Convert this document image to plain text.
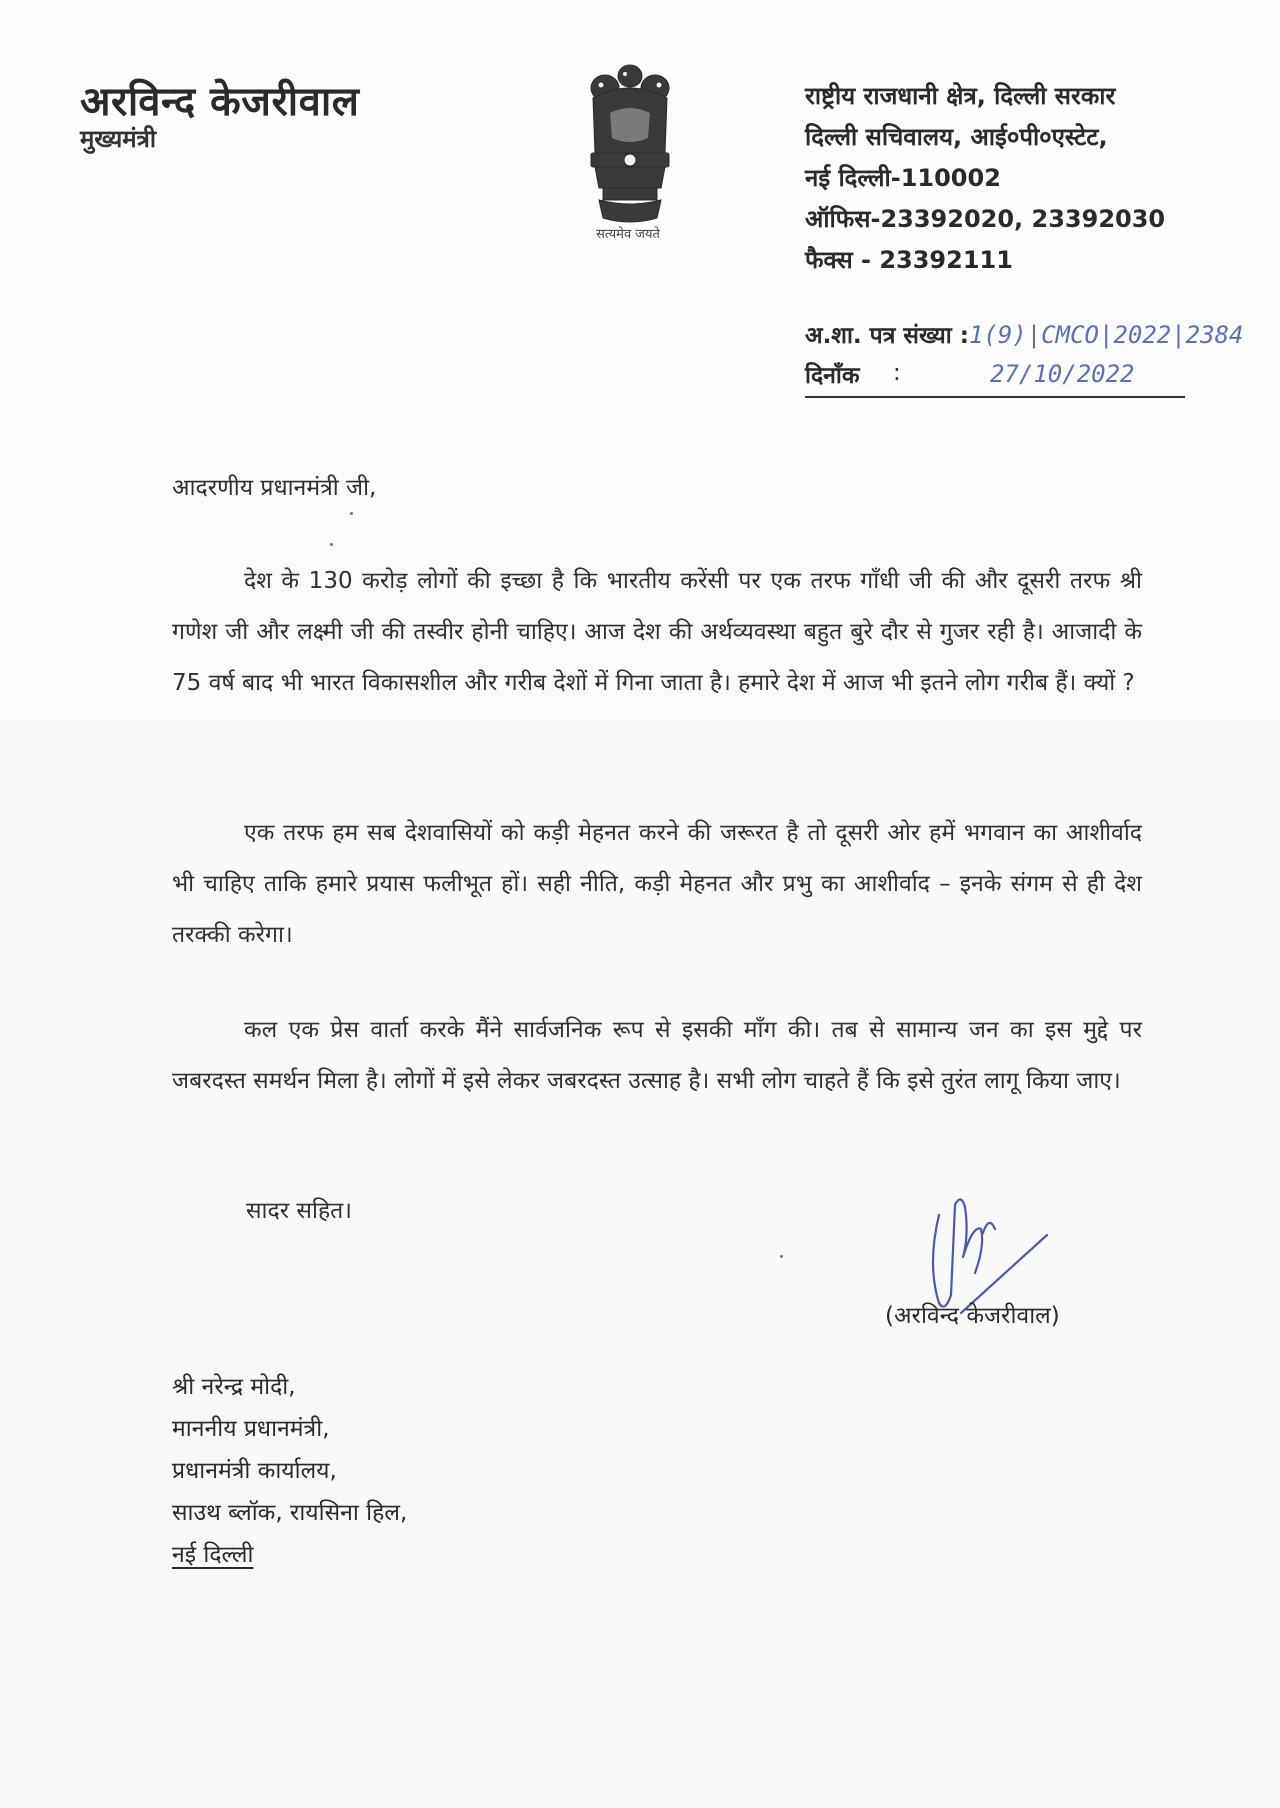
अरविन्द केजरीवाल
मुख्यमंत्री
सत्यमेव जयते
राष्ट्रीय राजधानी क्षेत्र, दिल्ली सरकार
दिल्ली सचिवालय, आई०पी०एस्टेट,
नई दिल्ली-110002
ऑफिस-23392020, 23392030
फैक्स - 23392111
अ.शा. पत्र संख्या :1(9)|CMCO|2022|2384
दिनाँक :	27/10/2022
आदरणीय प्रधानमंत्री जी,
देश के 130 करोड़ लोगों की इच्छा है कि भारतीय करेंसी पर एक तरफ गाँधी जी की और दूसरी तरफ श्री गणेश जी और लक्ष्मी जी की तस्वीर होनी चाहिए। आज देश की अर्थव्यवस्था बहुत बुरे दौर से गुजर रही है। आजादी के 75 वर्ष बाद भी भारत विकासशील और गरीब देशों में गिना जाता है। हमारे देश में आज भी इतने लोग गरीब हैं। क्यों ?
एक तरफ हम सब देशवासियों को कड़ी मेहनत करने की जरूरत है तो दूसरी ओर हमें भगवान का आशीर्वाद भी चाहिए ताकि हमारे प्रयास फलीभूत हों। सही नीति, कड़ी मेहनत और प्रभु का आशीर्वाद – इनके संगम से ही देश तरक्की करेगा।
कल एक प्रेस वार्ता करके मैंने सार्वजनिक रूप से इसकी माँग की। तब से सामान्य जन का इस मुद्दे पर जबरदस्त समर्थन मिला है। लोगों में इसे लेकर जबरदस्त उत्साह है। सभी लोग चाहते हैं कि इसे तुरंत लागू किया जाए।
सादर सहित।
(अरविन्द केजरीवाल)
श्री नरेन्द्र मोदी,
माननीय प्रधानमंत्री,
प्रधानमंत्री कार्यालय,
साउथ ब्लॉक, रायसिना हिल,
नई दिल्ली
